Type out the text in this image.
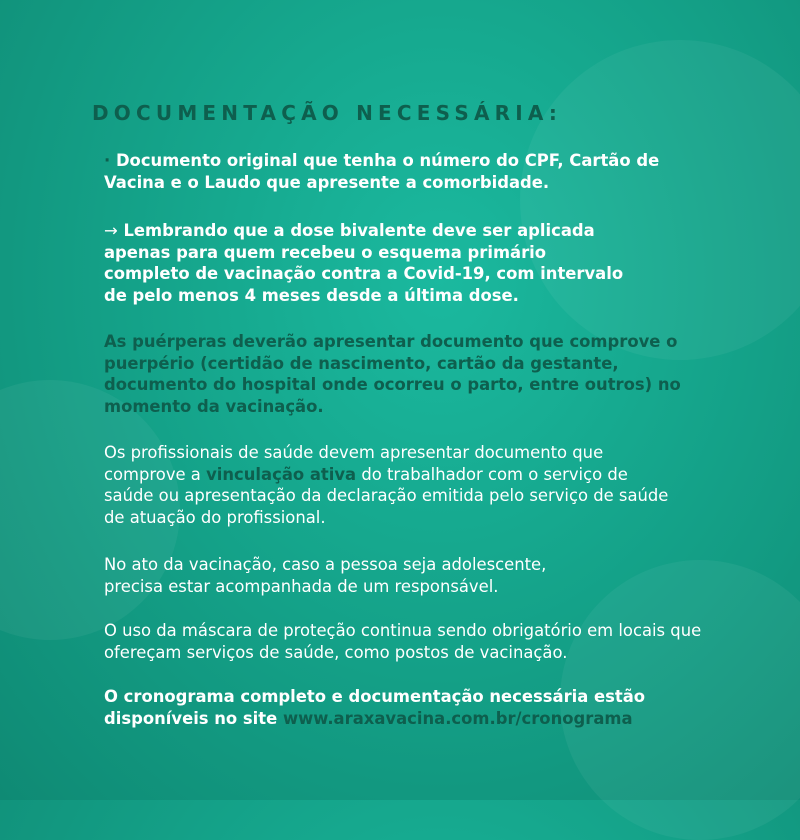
DOCUMENTAÇÃO NECESSÁRIA:

· Documento original que tenha o número do CPF, Cartão de Vacina e o Laudo que apresente a comorbidade.

→ Lembrando que a dose bivalente deve ser aplicada apenas para quem recebeu o esquema primário completo de vacinação contra a Covid-19, com intervalo de pelo menos 4 meses desde a última dose.

As puérperas deverão apresentar documento que comprove o puerpério (certidão de nascimento, cartão da gestante, documento do hospital onde ocorreu o parto, entre outros) no momento da vacinação.

Os profissionais de saúde devem apresentar documento que comprove a vinculação ativa do trabalhador com o serviço de saúde ou apresentação da declaração emitida pelo serviço de saúde de atuação do profissional.

No ato da vacinação, caso a pessoa seja adolescente, precisa estar acompanhada de um responsável.

O uso da máscara de proteção continua sendo obrigatório em locais que ofereçam serviços de saúde, como postos de vacinação.

O cronograma completo e documentação necessária estão disponíveis no site www.araxavacina.com.br/cronograma
